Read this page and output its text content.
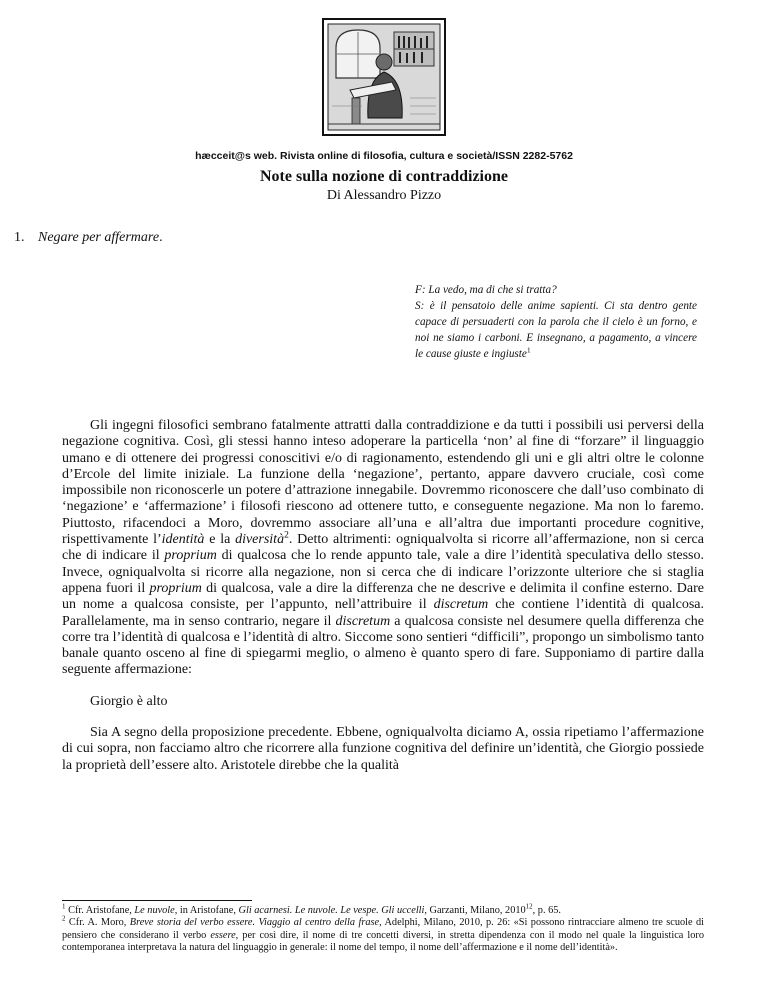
hæcceit@s web. Rivista online di filosofia, cultura e società/ISSN 2282-5762
Note sulla nozione di contraddizione
Di Alessandro Pizzo
1. Negare per affermare.

F: La vedo, ma di che si tratta?

S: è il pensatoio delle anime sapienti. Ci sta dentro gente capace di persuaderti con la parola che il cielo è un forno, e noi ne siamo i carboni. E insegnano, a pagamento, a vincere le cause giuste e ingiuste$^1$

Gli ingegni filosofici sembrano fatalmente attratti dalla contraddizione e da tutti i possibili usi perversi della negazione cognitiva. Così, gli stessi hanno inteso adoperare la particella ‘non’ al fine di “forzare” il linguaggio umano e di ottenere dei progressi conoscitivi e/o di ragionamento, estendendo gli uni e gli altri oltre le colonne d’Ercole del limite iniziale. La funzione della ‘negazione’, pertanto, appare davvero cruciale, così come impossibile non riconoscerle un potere d’attrazione innegabile. Dovremmo riconoscere che dall’uso combinato di ‘negazione’ e ‘affermazione’ i filosofi riescono ad ottenere tutto, e conseguente negazione. Ma non lo faremo. Piuttosto, rifacendoci a Moro, dovremmo associare all’una e all’altra due importanti procedure cognitive, rispettivamente l’identità e la diversità$^2$. Detto altrimenti: ogniqualvolta si ricorre all’affermazione, non si cerca che di indicare il proprium di qualcosa che lo rende appunto tale, vale a dire l’identità speculativa dello stesso. Invece, ogniqualvolta si ricorre alla negazione, non si cerca che di indicare l’orizzonte ulteriore che si staglia appena fuori il proprium di qualcosa, vale a dire la differenza che ne descrive e delimita il confine esterno. Dare un nome a qualcosa consiste, per l’appunto, nell’attribuire il discretum che contiene l’identità di qualcosa. Parallelamente, ma in senso contrario, negare il discretum a qualcosa consiste nel desumere quella differenza che corre tra l’identità di qualcosa e l’identità di altro. Siccome sono sentieri “difficili”, propongo un simbolismo tanto banale quanto osceno al fine di spiegarmi meglio, o almeno è quanto spero di fare. Supponiamo di partire dalla seguente affermazione:

Giorgio è alto

Sia A segno della proposizione precedente. Ebbene, ogniqualvolta diciamo A, ossia ripetiamo l’affermazione di cui sopra, non facciamo altro che ricorrere alla funzione cognitiva del definire un’identità, che Giorgio possiede la proprietà dell’essere alto. Aristotele direbbe che la qualità

$^1$ Cfr. Aristofane, Le nuvole, in Aristofane, Gli acarnesi. Le nuvole. Le vespe. Gli uccelli, Garzanti, Milano, 2010$^{12}$, p. 65.

$^2$ Cfr. A. Moro, Breve storia del verbo essere. Viaggio al centro della frase, Adelphi, Milano, 2010, p. 26: «Si possono rintracciare almeno tre scuole di pensiero che considerano il verbo essere, per così dire, il nome di tre concetti diversi, in stretta dipendenza con il modo nel quale la linguistica loro contemporanea interpretava la natura del linguaggio in generale: il nome del tempo, il nome dell’affermazione e il nome dell’identità».
